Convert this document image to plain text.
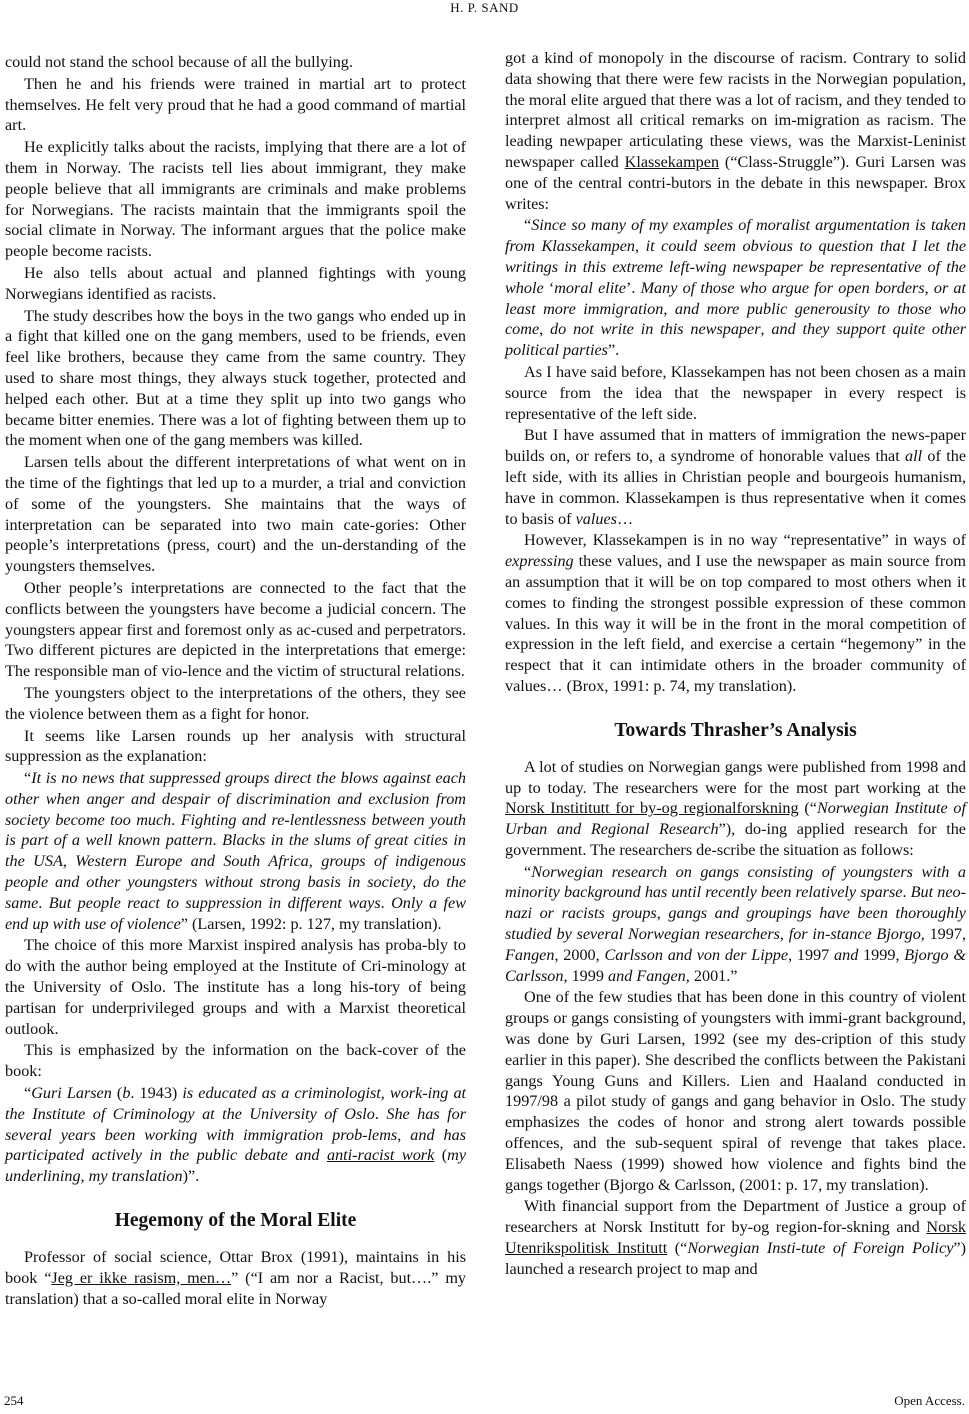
H. P. SAND

could not stand the school because of all the bullying.

Then he and his friends were trained in martial art to protect themselves. He felt very proud that he had a good command of martial art.

He explicitly talks about the racists, implying that there are a lot of them in Norway. The racists tell lies about immigrant, they make people believe that all immigrants are criminals and make problems for Norwegians. The racists maintain that the immigrants spoil the social climate in Norway. The informant argues that the police make people become racists.

He also tells about actual and planned fightings with young Norwegians identified as racists.

The study describes how the boys in the two gangs who ended up in a fight that killed one on the gang members, used to be friends, even feel like brothers, because they came from the same country. They used to share most things, they always stuck together, protected and helped each other. But at a time they split up into two gangs who became bitter enemies. There was a lot of fighting between them up to the moment when one of the gang members was killed.

Larsen tells about the different interpretations of what went on in the time of the fightings that led up to a murder, a trial and conviction of some of the youngsters. She maintains that the ways of interpretation can be separated into two main cate-gories: Other people’s interpretations (press, court) and the un-derstanding of the youngsters themselves.

Other people’s interpretations are connected to the fact that the conflicts between the youngsters have become a judicial concern. The youngsters appear first and foremost only as ac-cused and perpetrators. Two different pictures are depicted in the interpretations that emerge: The responsible man of vio-lence and the victim of structural relations.

The youngsters object to the interpretations of the others, they see the violence between them as a fight for honor.

It seems like Larsen rounds up her analysis with structural suppression as the explanation:

“It is no news that suppressed groups direct the blows against each other when anger and despair of discrimination and exclusion from society become too much. Fighting and re-lentlessness between youth is part of a well known pattern. Blacks in the slums of great cities in the USA, Western Europe and South Africa, groups of indigenous people and other youngsters without strong basis in society, do the same. But people react to suppression in different ways. Only a few end up with use of violence” (Larsen, 1992: p. 127, my translation).

The choice of this more Marxist inspired analysis has proba-bly to do with the author being employed at the Institute of Cri-minology at the University of Oslo. The institute has a long his-tory of being partisan for underprivileged groups and with a Marxist theoretical outlook.

This is emphasized by the information on the back-cover of the book:

“Guri Larsen (b. 1943) is educated as a criminologist, work-ing at the Institute of Criminology at the University of Oslo. She has for several years been working with immigration prob-lems, and has participated actively in the public debate and anti-racist work (my underlining, my translation)”.

Hegemony of the Moral Elite

Professor of social science, Ottar Brox (1991), maintains in his book “Jeg er ikke rasism, men…” (“I am nor a Racist, but….” my translation) that a so-called moral elite in Norway

got a kind of monopoly in the discourse of racism. Contrary to solid data showing that there were few racists in the Norwegian population, the moral elite argued that there was a lot of racism, and they tended to interpret almost all critical remarks on im-migration as racism. The leading newpaper articulating these views, was the Marxist-Leninist newspaper called Klassekampen (“Class-Struggle”). Guri Larsen was one of the central contri-butors in the debate in this newspaper. Brox writes:

“Since so many of my examples of moralist argumentation is taken from Klassekampen, it could seem obvious to question that I let the writings in this extreme left-wing newspaper be representative of the whole ‘moral elite’. Many of those who argue for open borders, or at least more immigration, and more public generousity to those who come, do not write in this newspaper, and they support quite other political parties”.

As I have said before, Klassekampen has not been chosen as a main source from the idea that the newspaper in every respect is representative of the left side.

But I have assumed that in matters of immigration the news-paper builds on, or refers to, a syndrome of honorable values that all of the left side, with its allies in Christian people and bourgeois humanism, have in common. Klassekampen is thus representative when it comes to basis of values…

However, Klassekampen is in no way “representative” in ways of expressing these values, and I use the newspaper as main source from an assumption that it will be on top compared to most others when it comes to finding the strongest possible expression of these common values. In this way it will be in the front in the moral competition of expression in the left field, and exercise a certain “hegemony” in the respect that it can intimidate others in the broader community of values… (Brox, 1991: p. 74, my translation).

Towards Thrasher’s Analysis

A lot of studies on Norwegian gangs were published from 1998 and up to today. The researchers were for the most part working at the Norsk Instititutt for by-og regionalforskning (“Norwegian Institute of Urban and Regional Research”), do-ing applied research for the government. The researchers de-scribe the situation as follows:

“Norwegian research on gangs consisting of youngsters with a minority background has until recently been relatively sparse. But neo-nazi or racists groups, gangs and groupings have been thoroughly studied by several Norwegian researchers, for in-stance Bjorgo, 1997, Fangen, 2000, Carlsson and von der Lippe, 1997 and 1999, Bjorgo & Carlsson, 1999 and Fangen, 2001.”

One of the few studies that has been done in this country of violent groups or gangs consisting of youngsters with immi-grant background, was done by Guri Larsen, 1992 (see my des-cription of this study earlier in this paper). She described the conflicts between the Pakistani gangs Young Guns and Killers. Lien and Haaland conducted in 1997/98 a pilot study of gangs and gang behavior in Oslo. The study emphasizes the codes of honor and strong alert towards possible offences, and the sub-sequent spiral of revenge that takes place. Elisabeth Naess (1999) showed how violence and fights bind the gangs together (Bjorgo & Carlsson, (2001: p. 17, my translation).

With financial support from the Department of Justice a group of researchers at Norsk Institutt for by-og region-for-skning and Norsk Utenrikspolitisk Institutt (“Norwegian Insti-tute of Foreign Policy”) launched a research project to map and

254	Open Access.
